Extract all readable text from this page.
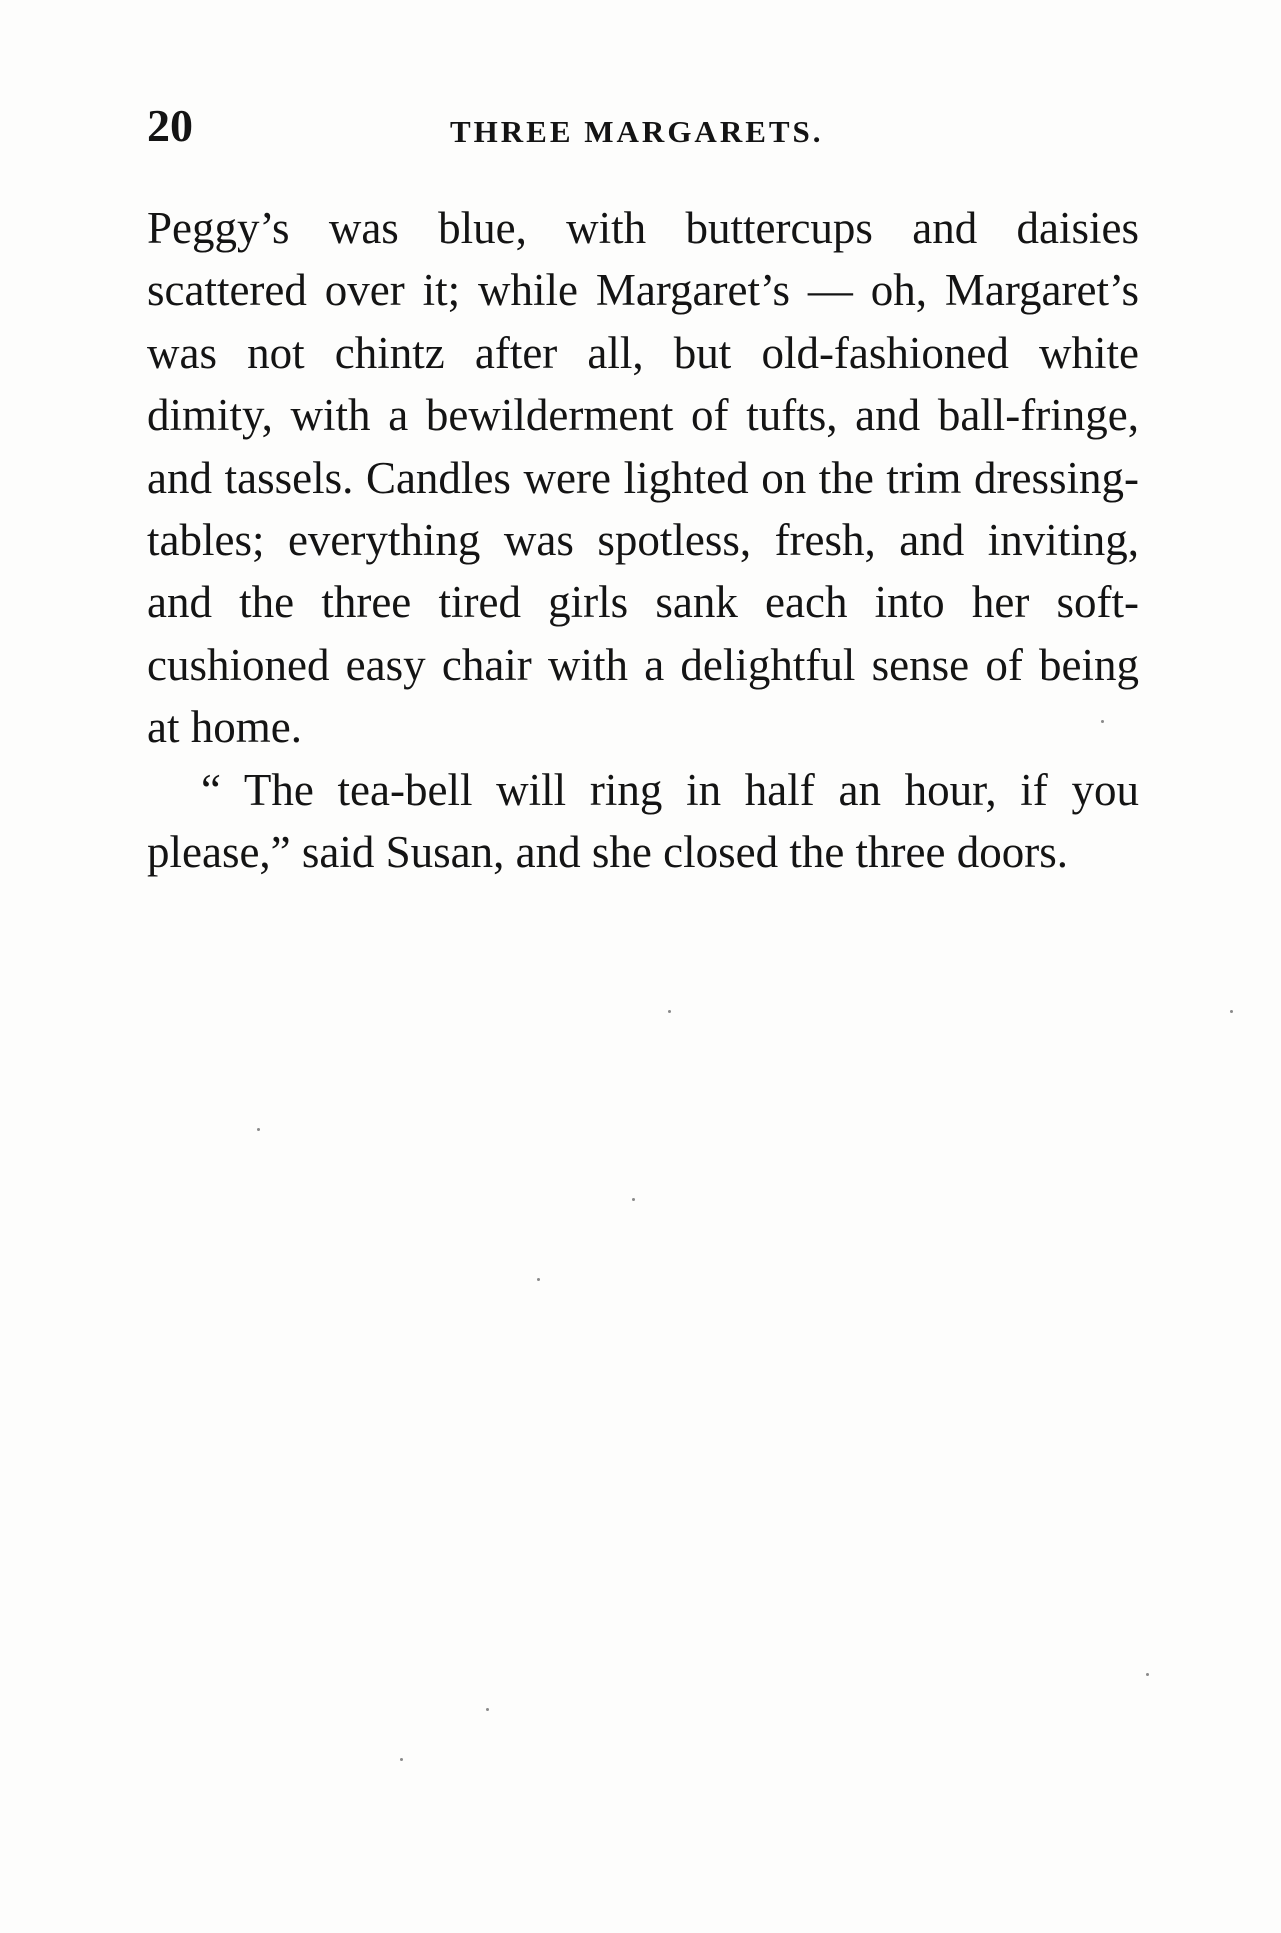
20	THREE MARGARETS.

Peggy’s was blue, with buttercups and daisies scattered over it; while Margaret’s — oh, Margaret’s was not chintz after all, but old-fashioned white dimity, with a bewilderment of tufts, and ball-fringe, and tassels. Candles were lighted on the trim dressing-tables; everything was spotless, fresh, and inviting, and the three tired girls sank each into her soft-cushioned easy chair with a delightful sense of being at home.

“ The tea-bell will ring in half an hour, if you please,” said Susan, and she closed the three doors.
